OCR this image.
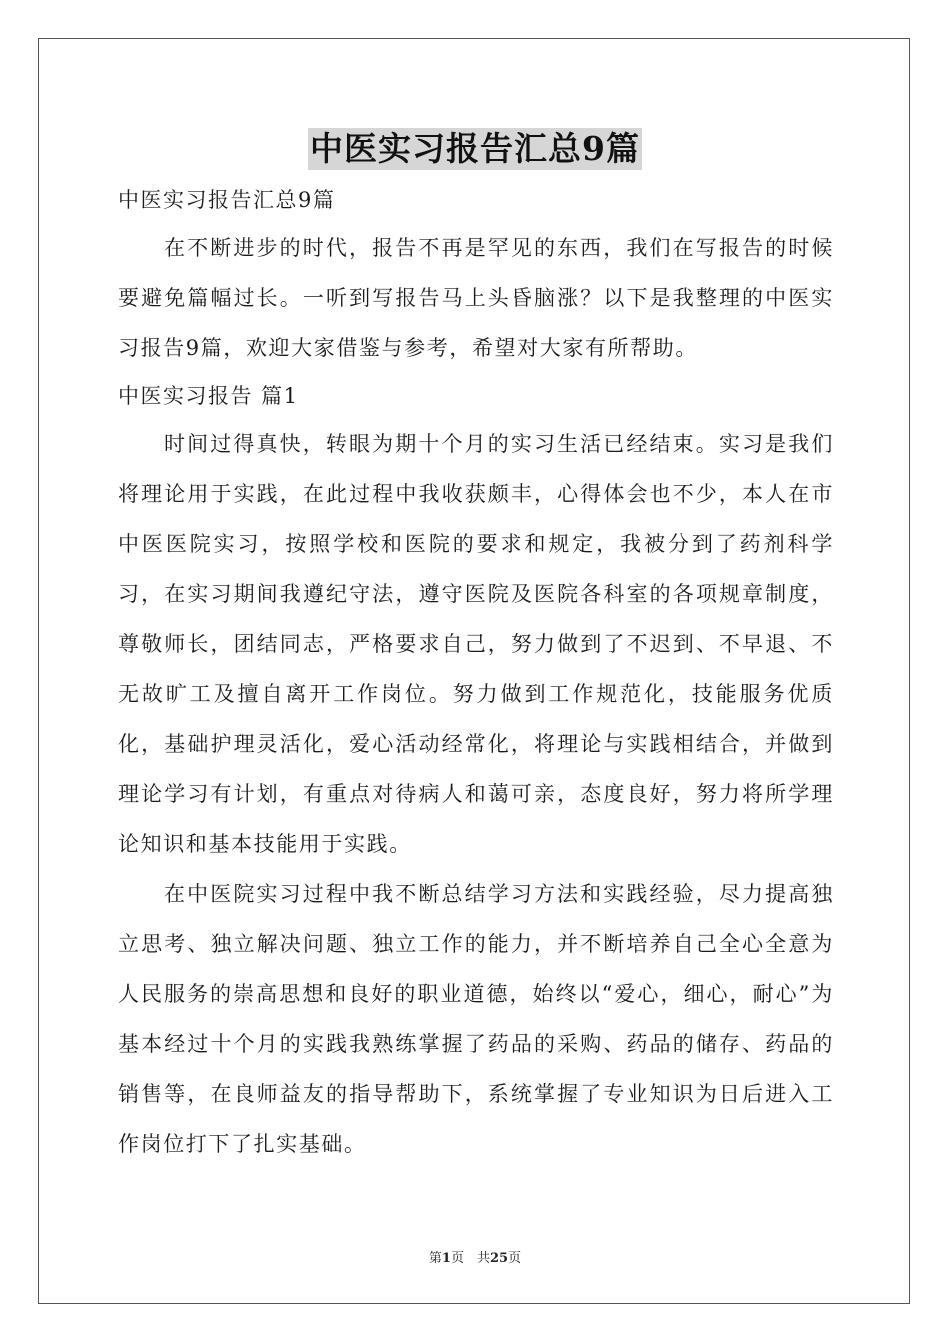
中医实习报告汇总9篇

中医实习报告汇总9篇

在不断进步的时代，报告不再是罕见的东西，我们在写报告的时候要避免篇幅过长。一听到写报告马上头昏脑涨？以下是我整理的中医实习报告9篇，欢迎大家借鉴与参考，希望对大家有所帮助。

中医实习报告 篇1

时间过得真快，转眼为期十个月的实习生活已经结束。实习是我们将理论用于实践，在此过程中我收获颇丰，心得体会也不少，本人在市中医医院实习，按照学校和医院的要求和规定，我被分到了药剂科学习，在实习期间我遵纪守法，遵守医院及医院各科室的各项规章制度，尊敬师长，团结同志，严格要求自己，努力做到了不迟到、不早退、不无故旷工及擅自离开工作岗位。努力做到工作规范化，技能服务优质化，基础护理灵活化，爱心活动经常化，将理论与实践相结合，并做到理论学习有计划，有重点对待病人和蔼可亲，态度良好，努力将所学理论知识和基本技能用于实践。

在中医院实习过程中我不断总结学习方法和实践经验，尽力提高独立思考、独立解决问题、独立工作的能力，并不断培养自己全心全意为人民服务的崇高思想和良好的职业道德，始终以“爱心，细心，耐心”为基本经过十个月的实践我熟练掌握了药品的采购、药品的储存、药品的销售等，在良师益友的指导帮助下，系统掌握了专业知识为日后进入工作岗位打下了扎实基础。

第1页　共25页
